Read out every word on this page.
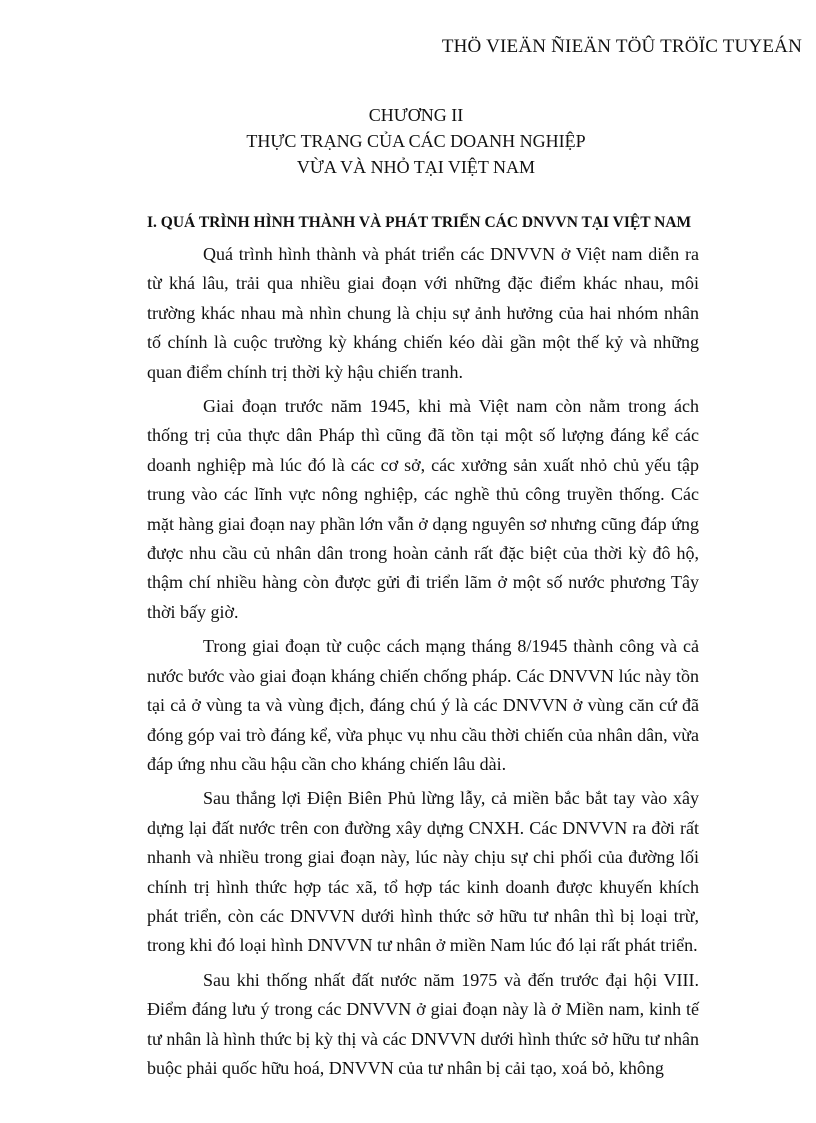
THÖ VIEÄN ÑIEÄN TÖÛ TRÖÏC TUYEÁN
CHƯƠNG II
THỰC TRẠNG CỦA CÁC DOANH NGHIỆP
VỪA VÀ NHỎ TẠI VIỆT NAM
I. QUÁ TRÌNH HÌNH THÀNH VÀ PHÁT TRIỂN CÁC DNVVN TẠI VIỆT NAM

Quá trình hình thành và phát triển các DNVVN ở Việt nam diễn ra từ khá lâu, trải qua nhiều giai đoạn với những đặc điểm khác nhau, môi trường khác nhau mà nhìn chung là chịu sự ảnh hưởng của hai nhóm nhân tố chính là cuộc trường kỳ kháng chiến kéo dài gần một thế kỷ và những quan điểm chính trị thời kỳ hậu chiến tranh.

Giai đoạn trước năm 1945, khi mà Việt nam còn nằm trong ách thống trị của thực dân Pháp thì cũng đã tồn tại một số lượng đáng kể các doanh nghiệp mà lúc đó là các cơ sở, các xưởng sản xuất nhỏ chủ yếu tập trung vào các lĩnh vực nông nghiệp, các nghề thủ công truyền thống. Các mặt hàng giai đoạn nay phần lớn vẫn ở dạng nguyên sơ nhưng cũng đáp ứng được nhu cầu củ nhân dân trong hoàn cảnh rất đặc biệt của thời kỳ đô hộ, thậm chí nhiều hàng còn được gửi đi triển lãm ở một số nước phương Tây thời bấy giờ.

Trong giai đoạn từ cuộc cách mạng tháng 8/1945 thành công và cả nước bước vào giai đoạn kháng chiến chống pháp. Các DNVVN lúc này tồn tại cả ở vùng ta và vùng địch, đáng chú ý là các DNVVN ở vùng căn cứ đã đóng góp vai trò đáng kể, vừa phục vụ nhu cầu thời chiến của nhân dân, vừa đáp ứng nhu cầu hậu cần cho kháng chiến lâu dài.

Sau thắng lợi Điện Biên Phủ lừng lẫy, cả miền bắc bắt tay vào xây dựng lại đất nước trên con đường xây dựng CNXH. Các DNVVN ra đời rất nhanh và nhiều trong giai đoạn này, lúc này chịu sự chi phối của đường lối chính trị hình thức hợp tác xã, tổ hợp tác kinh doanh được khuyến khích phát triển, còn các DNVVN dưới hình thức sở hữu tư nhân thì bị loại trừ, trong khi đó loại hình DNVVN tư nhân ở miền Nam lúc đó lại rất phát triển.

Sau khi thống nhất đất nước năm 1975 và đến trước đại hội VIII. Điểm đáng lưu ý trong các DNVVN ở giai đoạn này là ở Miền nam, kinh tế tư nhân là hình thức bị kỳ thị và các DNVVN dưới hình thức sở hữu tư nhân buộc phải quốc hữu hoá, DNVVN của tư nhân bị cải tạo, xoá bỏ, không
